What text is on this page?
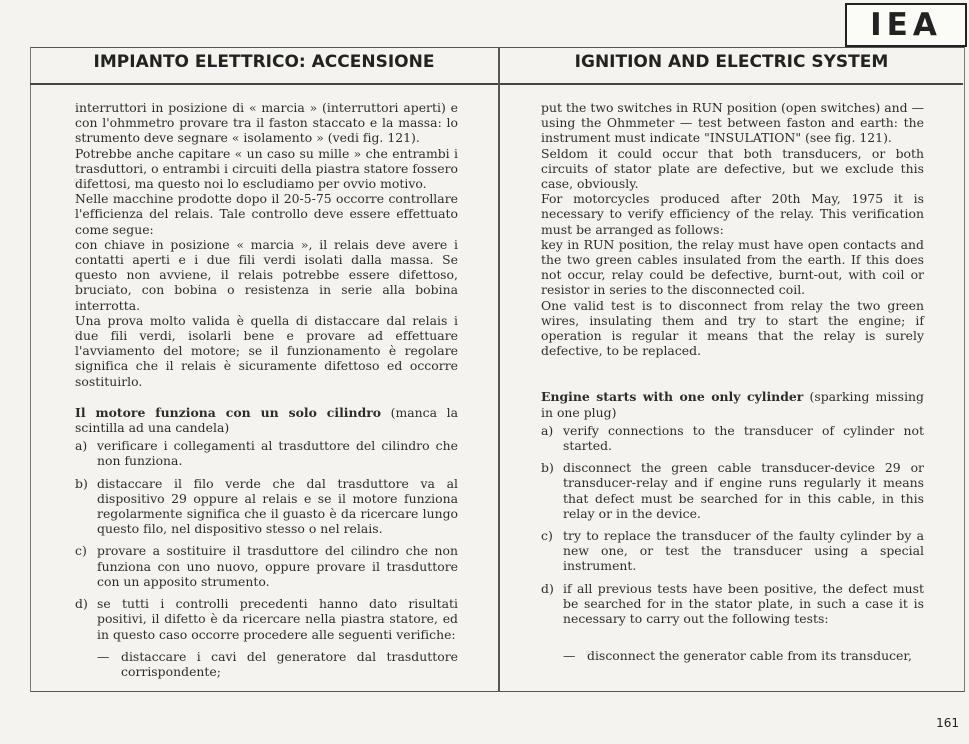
IEA
IMPIANTO ELETTRICO: ACCENSIONE	IGNITION AND ELECTRIC SYSTEM

interruttori in posizione di « marcia » (interruttori aperti) e con l'ohmmetro provare tra il faston staccato e la massa: lo strumento deve segnare « isolamento » (vedi fig. 121).

Potrebbe anche capitare « un caso su mille » che entrambi i trasduttori, o entrambi i circuiti della piastra statore fossero difettosi, ma questo noi lo escludiamo per ovvio motivo.

Nelle macchine prodotte dopo il 20-5-75 occorre controllare l'efficienza del relais. Tale controllo deve essere effettuato come segue:

con chiave in posizione « marcia », il relais deve avere i contatti aperti e i due fili verdi isolati dalla massa. Se questo non avviene, il relais potrebbe essere difettoso, bruciato, con bobina o resistenza in serie alla bobina interrotta.

Una prova molto valida è quella di distaccare dal relais i due fili verdi, isolarli bene e provare ad effettuare l'avviamento del motore; se il funzionamento è regolare significa che il relais è sicuramente difettoso ed occorre sostituirlo.

Il motore funziona con un solo cilindro (manca la scintilla ad una candela)

a) verificare i collegamenti al trasduttore del cilindro che non funziona.
b) distaccare il filo verde che dal trasduttore va al dispositivo 29 oppure al relais e se il motore funziona regolarmente significa che il guasto è da ricercare lungo questo filo, nel dispositivo stesso o nel relais.
c) provare a sostituire il trasduttore del cilindro che non funziona con uno nuovo, oppure provare il trasduttore con un apposito strumento.
d) se tutti i controlli precedenti hanno dato risultati positivi, il difetto è da ricercare nella piastra statore, ed in questo caso occorre procedere alle seguenti verifiche:
— distaccare i cavi del generatore dal trasduttore corrispondente;

put the two switches in RUN position (open switches) and — using the Ohmmeter — test between faston and earth: the instrument must indicate "INSULATION" (see fig. 121).

Seldom it could occur that both transducers, or both circuits of stator plate are defective, but we exclude this case, obviously.

For motorcycles produced after 20th May, 1975 it is necessary to verify efficiency of the relay. This verification must be arranged as follows:

key in RUN position, the relay must have open contacts and the two green cables insulated from the earth. If this does not occur, relay could be defective, burnt-out, with coil or resistor in series to the disconnected coil.

One valid test is to disconnect from relay the two green wires, insulating them and try to start the engine; if operation is regular it means that the relay is surely defective, to be replaced.

Engine starts with one only cylinder (sparking missing in one plug)

a) verify connections to the transducer of cylinder not started.
b) disconnect the green cable transducer-device 29 or transducer-relay and if engine runs regularly it means that defect must be searched for in this cable, in this relay or in the device.
c) try to replace the transducer of the faulty cylinder by a new one, or test the transducer using a special instrument.
d) if all previous tests have been positive, the defect must be searched for in the stator plate, in such a case it is necessary to carry out the following tests:
— disconnect the generator cable from its transducer,
161
